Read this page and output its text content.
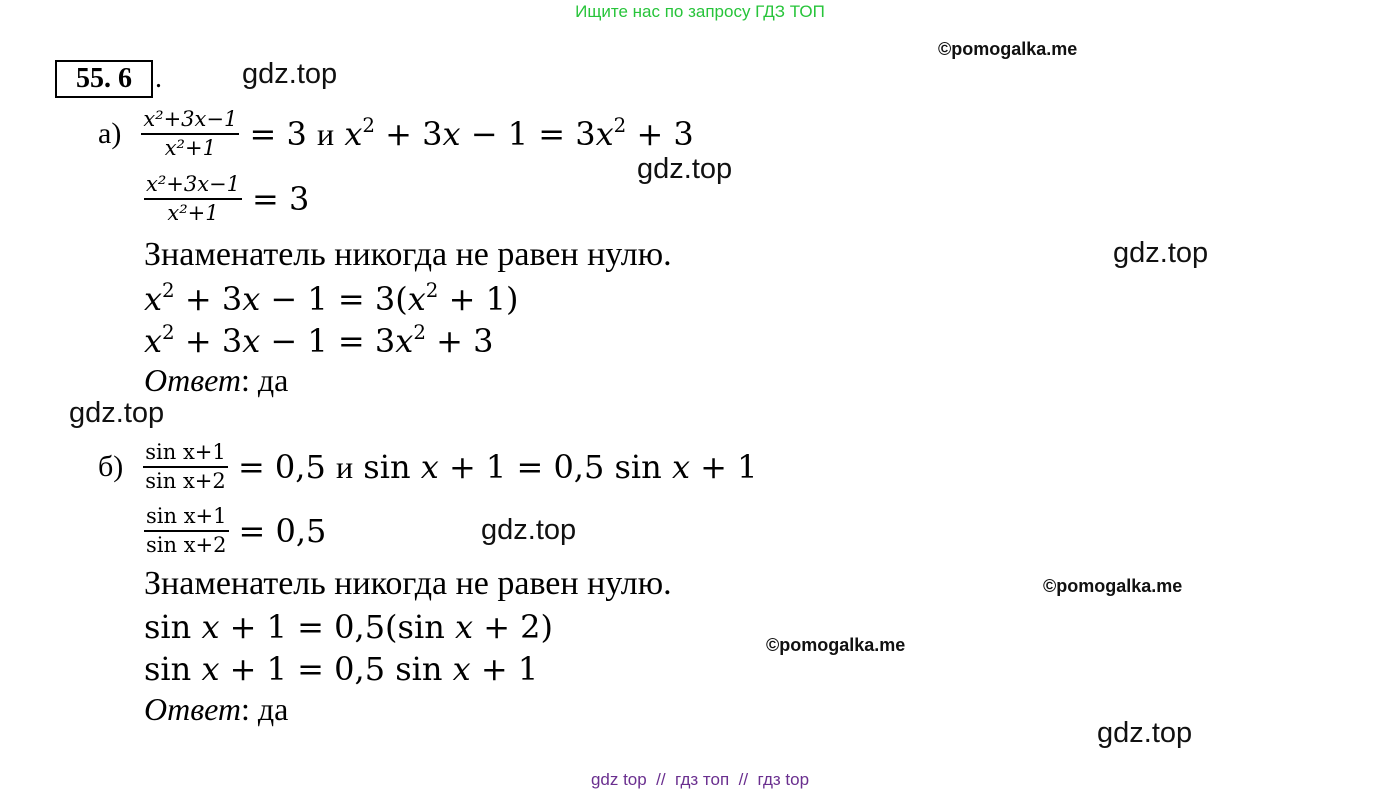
Ищите нас по запросу ГДЗ ТОП
55. 6 .	gdz.top
gdz.top
gdz.top
gdz.top
gdz.top
gdz.top
©pomogalka.me
©pomogalka.me
©pomogalka.me
$а) \frac{\text{x²+3x−1}}{\text{x²+1}} = 3$ и $x^2 + 3x - 1 = 3x^2 + 3$
$\frac{\text{x²+3x−1}}{\text{x²+1}} = 3$
Знаменатель никогда не равен нулю.
$x^2 + 3x - 1 = 3(x^2 + 1)$
$x^2 + 3x - 1 = 3x^2 + 3$
Ответ : да
$б) \frac{\text{sin x+1}}{\text{sin x+2}} = 0,5$ и sin x + 1 = 0,5 sin x + 1
$\frac{\text{sin x+1}}{\text{sin x+2}} = 0,5$
Знаменатель никогда не равен нулю.
sin x + 1 = 0,5(sin x + 2)
sin x + 1 = 0,5 sin x + 1
Ответ : да
gdz top  //  гдз топ  //  гдз top
